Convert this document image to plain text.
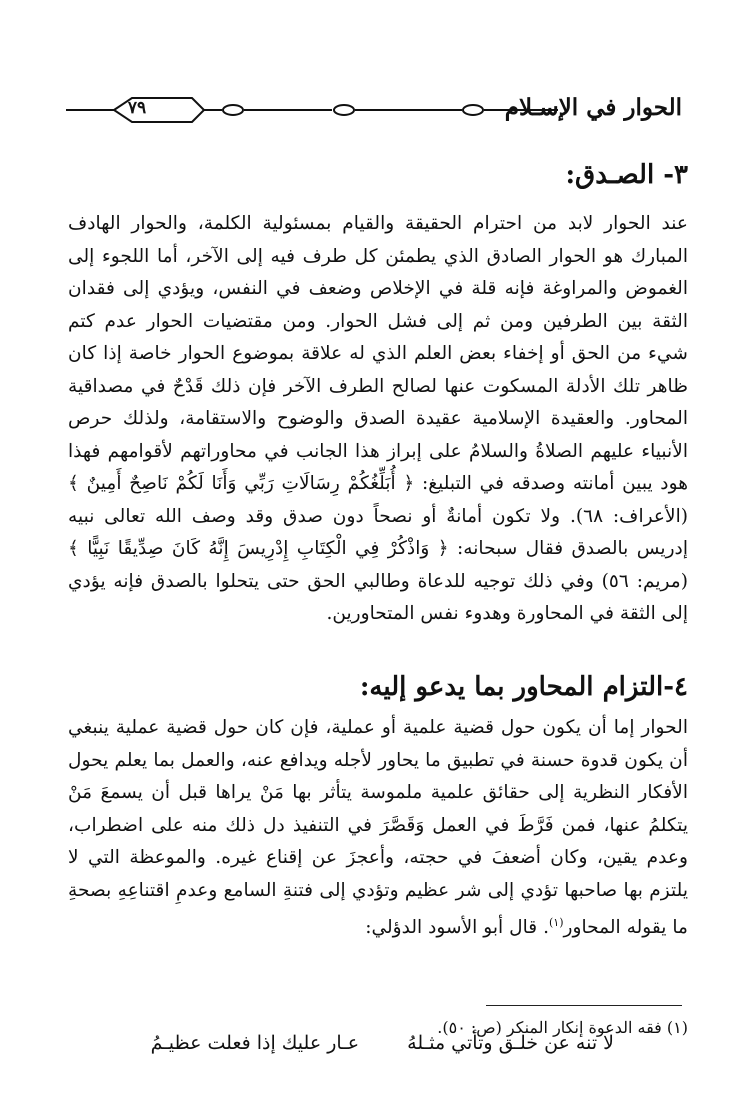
٧٩	الحوار في الإسـلام
٣- الصـدق:

عند الحوار لابد من احترام الحقيقة والقيام بمسئولية الكلمة، والحوار الهادف المبارك هو الحوار الصادق الذي يطمئن كل طرف فيه إلى الآخر، أما اللجوء إلى الغموض والمراوغة فإنه قلة في الإخلاص وضعف في النفس، ويؤدي إلى فقدان الثقة بين الطرفين ومن ثم إلى فشل الحوار. ومن مقتضيات الحوار عدم كتم شيء من الحق أو إخفاء بعض العلم الذي له علاقة بموضوع الحوار خاصة إذا كان ظاهر تلك الأدلة المسكوت عنها لصالح الطرف الآخر فإن ذلك قَدْحٌ في مصداقية المحاور. والعقيدة الإسلامية عقيدة الصدق والوضوح والاستقامة، ولذلك حرص الأنبياء عليهم الصلاةُ والسلامُ على إبراز هذا الجانب في محاوراتهم لأقوامهم فهذا هود يبين أمانته وصدقه في التبليغ: ﴿ أُبَلِّغُكُمْ رِسَالَاتِ رَبِّي وَأَنَا لَكُمْ نَاصِحٌ أَمِينٌ ﴾ (الأعراف: ٦٨). ولا تكون أمانةٌ أو نصحاً دون صدق وقد وصف الله تعالى نبيه إدريس بالصدق فقال سبحانه: ﴿ وَاذْكُرْ فِي الْكِتَابِ إِدْرِيسَ إِنَّهُ كَانَ صِدِّيقًا نَبِيًّا ﴾ (مريم: ٥٦) وفي ذلك توجيه للدعاة وطالبي الحق حتى يتحلوا بالصدق فإنه يؤدي إلى الثقة في المحاورة وهدوء نفس المتحاورين.

٤-التزام المحاور بما يدعو إليه:

الحوار إما أن يكون حول قضية علمية أو عملية، فإن كان حول قضية عملية ينبغي أن يكون قدوة حسنة في تطبيق ما يحاور لأجله ويدافع عنه، والعمل بما يعلم يحول الأفكار النظرية إلى حقائق علمية ملموسة يتأثر بها مَنْ يراها قبل أن يسمعَ مَنْ يتكلمُ عنها، فمن فَرَّطَ في العمل وَقَصَّرَ في التنفيذ دل ذلك منه على اضطراب، وعدم يقين، وكان أضعفَ في حجته، وأعجزَ عن إقناع غيره. والموعظة التي لا يلتزم بها صاحبها تؤدي إلى شر عظيم وتؤدي إلى فتنةِ السامع وعدمِ اقتناعِهِ بصحةِ ما يقوله المحاور$^{(١)}$. قال أبو الأسود الدؤلي:

لا تنه عن خلـق وتأتي مثـلهُ  عـار عليك إذا فعلت عظيـمُ

(١) فقه الدعوة إنكار المنكر (ص: ٥٠).
